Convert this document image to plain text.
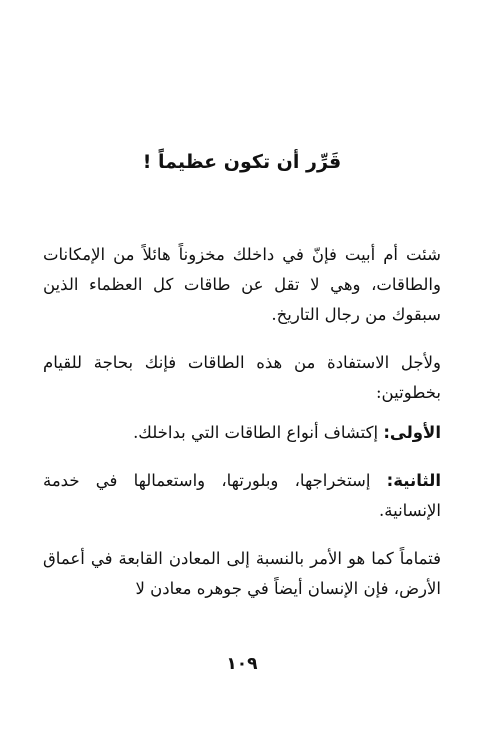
قَرِّر أن تكون عظيماً !

شئت أم أبيت فإنّ في داخلك مخزوناً هائلاً من الإمكانات والطاقات، وهي لا تقل عن طاقات كل العظماء الذين سبقوك من رجال التاريخ.

ولأجل الاستفادة من هذه الطاقات فإنك بحاجة للقيام بخطوتين:

الأولى: إكتشاف أنواع الطاقات التي بداخلك.

الثانية: إستخراجها، وبلورتها، واستعمالها في خدمة الإنسانية.

فتماماً كما هو الأمر بالنسبة إلى المعادن القابعة في أعماق الأرض، فإن الإنسان أيضاً في جوهره معادن لا

١٠٩
